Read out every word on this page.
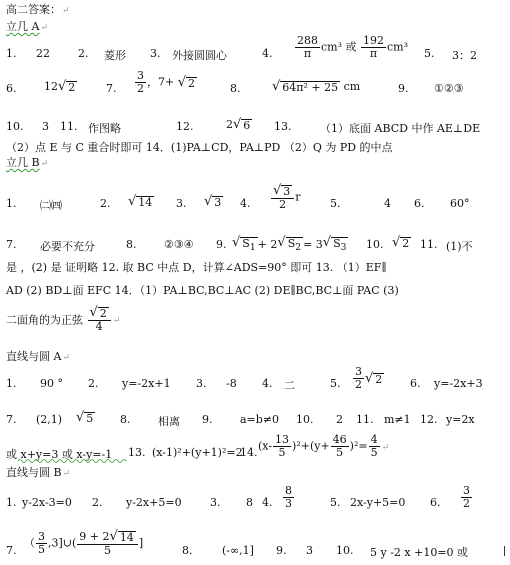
高二答案：↵
立几 A↵
1. 22	2. 菱形 3. 外接圆圆心	4. $\frac{288}{\pi} cm^3$ 或 $\frac{192}{\pi} cm^3$ 5. 3：2
6.	12 √ 2	7. $\frac{3}{2}$ ，7+ √ 2	8. √ 64π² + 25 cm	9. ①②③
10. 3 11. 作图略	12.	2 √ 6 13.	（1）底面 ABCD 中作 AE⊥DE
（2）点 E 与 C 重合时即可 14．(1)PA⊥CD，PA⊥PD （2）Q 为 PD 的中点
立几 B↵
1. ㈡㈣	2. √ 14 3. √ 3 4. $\frac{√ 3}{2}$ r	5.	4 6. 60°
7. 必要不充分	8.	②③④ 9. √ $S_1 + 2$ √ $S_2 = 3$ √ $S_3$ 10. √ 2 11. (1)不
是 ，(2) 是 证明略 12. 取 BC 中点 D，计算∠ADS=90° 即可 13. （1）EF∥
AD (2) BD⊥面 EFC 14．（1）PA⊥BC,BC⊥AC (2) DE∥BC,BC⊥面 PAC (3)
二面角的为正弦 $\frac{√ 2}{4}$ ↵
直线与圆 A↵
1. 90 ° 2. y=-2x+1 3. -8 4. 二	5. $\frac{3}{2}$ √ 2	6. y=-2x+3
7. (2,1) √ 5 8.	相离 9.	a=b≠0 10. 2 11. m≠1 12. y=2x
或 x+y=3 或 x-y=-1 13. (x-1)²+(y+1)²=2
14. $(x- \frac{13}{5} )^2+(y+ \frac{46}{5} )^2= \frac{4}{5}$ ↵
直线与圆 B↵
1. y-2x-3=0 2. y-2x+5=0	3. 8 4. $\frac{8}{3}$	5. 2x-y+5=0 6. $\frac{3}{2}$
7.
（ $\frac{3}{5}$ ,3]∪( $\frac{9 + 2 √ 14}{5}$ ]
8.	(-∞,1] 9. 3 10. 5 y -2 x +10=0 或
